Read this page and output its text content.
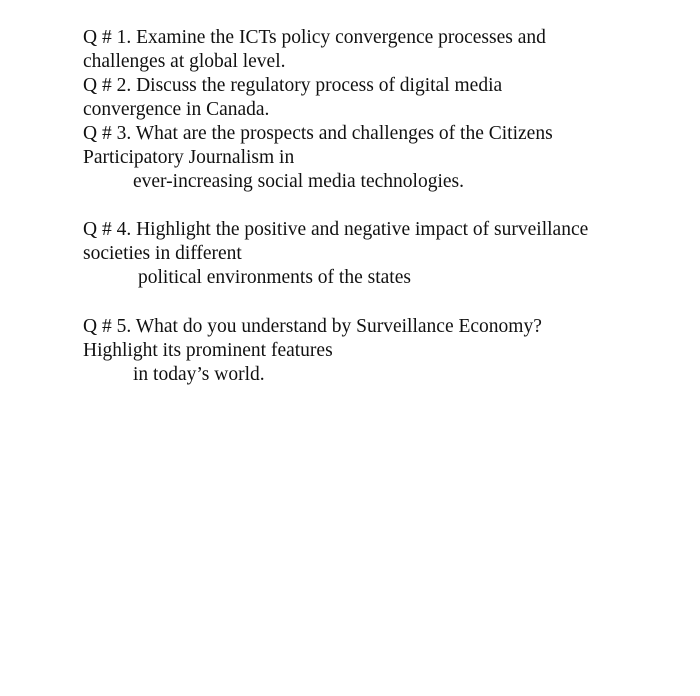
Q # 1. Examine the ICTs policy convergence processes and
challenges at global level.
Q # 2. Discuss the regulatory process of digital media
convergence in Canada.
Q # 3. What are the prospects and challenges of the Citizens
Participatory Journalism in
ever-increasing social media technologies.
Q # 4. Highlight the positive and negative impact of surveillance
societies in different
political environments of the states
Q # 5. What do you understand by Surveillance Economy?
Highlight its prominent features
in today’s world.
